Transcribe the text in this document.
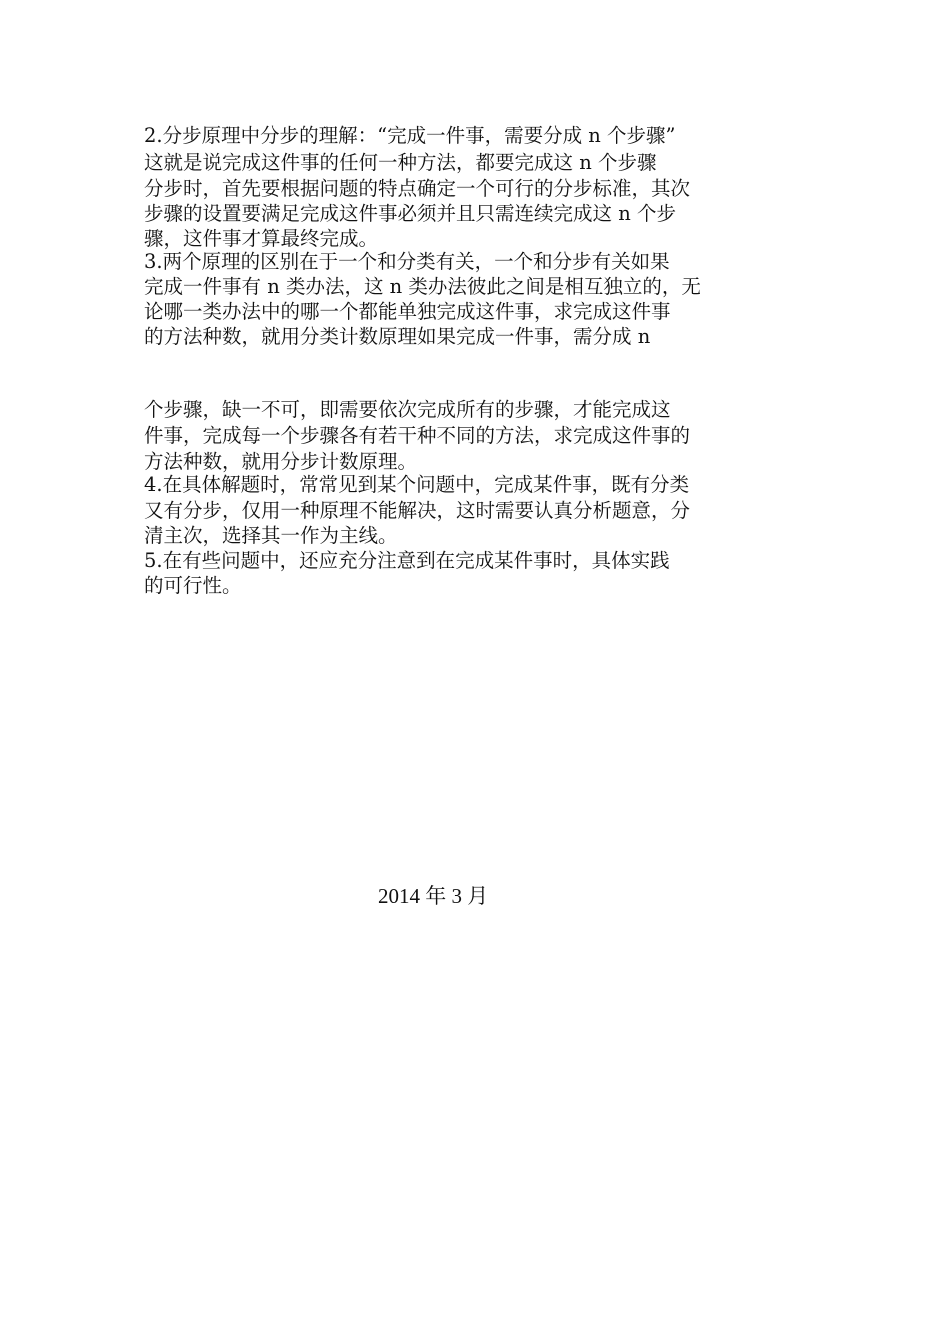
2.分步原理中分步的理解：“完成一件事，需要分成 n 个步骤”
这就是说完成这件事的任何一种方法，都要完成这 n 个步骤
分步时，首先要根据问题的特点确定一个可行的分步标准，其次
步骤的设置要满足完成这件事必须并且只需连续完成这 n 个步
骤，这件事才算最终完成。
3.两个原理的区别在于一个和分类有关，一个和分步有关如果
完成一件事有 n 类办法，这 n 类办法彼此之间是相互独立的，无
论哪一类办法中的哪一个都能单独完成这件事，求完成这件事
的方法种数，就用分类计数原理如果完成一件事，需分成 n
个步骤，缺一不可，即需要依次完成所有的步骤，才能完成这
件事，完成每一个步骤各有若干种不同的方法，求完成这件事的
方法种数，就用分步计数原理。
4.在具体解题时，常常见到某个问题中，完成某件事，既有分类
又有分步，仅用一种原理不能解决，这时需要认真分析题意，分
清主次，选择其一作为主线。
5.在有些问题中，还应充分注意到在完成某件事时，具体实践
的可行性。
2014 年 3 月
